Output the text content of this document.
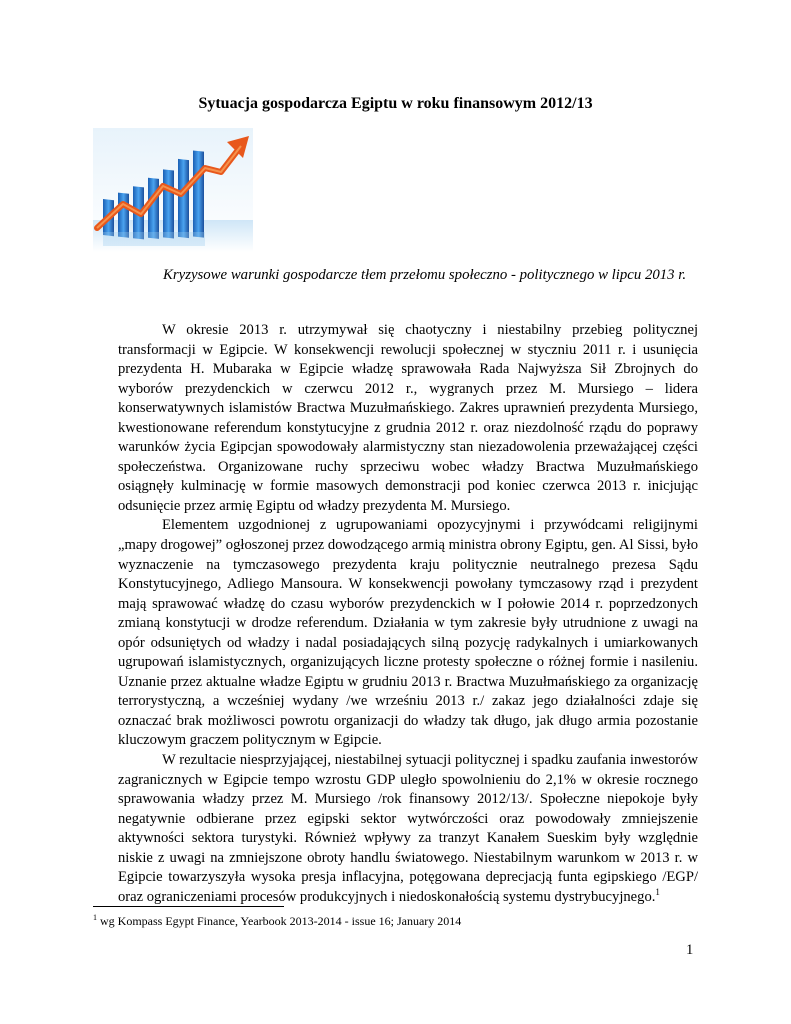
Sytuacja gospodarcza Egiptu w roku finansowym 2012/13
Kryzysowe warunki gospodarcze tłem przełomu społeczno - politycznego w lipcu 2013 r.

W okresie 2013 r. utrzymywał się chaotyczny i niestabilny przebieg politycznej transformacji w Egipcie. W konsekwencji rewolucji społecznej w styczniu 2011 r. i usunięcia prezydenta H. Mubaraka w Egipcie władzę sprawowała Rada Najwyższa Sił Zbrojnych do wyborów prezydenckich w czerwcu 2012 r., wygranych przez M. Mursiego – lidera konserwatywnych islamistów Bractwa Muzułmańskiego. Zakres uprawnień prezydenta Mursiego, kwestionowane referendum konstytucyjne z grudnia 2012 r. oraz niezdolność rządu do poprawy warunków życia Egipcjan spowodowały alarmistyczny stan niezadowolenia przeważającej części społeczeństwa. Organizowane ruchy sprzeciwu wobec władzy Bractwa Muzułmańskiego osiągnęły kulminację w formie masowych demonstracji pod koniec czerwca 2013 r. inicjując odsunięcie przez armię Egiptu od władzy prezydenta M. Mursiego.

Elementem uzgodnionej z ugrupowaniami opozycyjnymi i przywódcami religijnymi „mapy drogowej” ogłoszonej przez dowodzącego armią ministra obrony Egiptu, gen. Al Sissi, było wyznaczenie na tymczasowego prezydenta kraju politycznie neutralnego prezesa Sądu Konstytucyjnego, Adliego Mansoura. W konsekwencji powołany tymczasowy rząd i prezydent mają sprawować władzę do czasu wyborów prezydenckich w I połowie 2014 r. poprzedzonych zmianą konstytucji w drodze referendum. Działania w tym zakresie były utrudnione z uwagi na opór odsuniętych od władzy i nadal posiadających silną pozycję radykalnych i umiarkowanych ugrupowań islamistycznych, organizujących liczne protesty społeczne o różnej formie i nasileniu. Uznanie przez aktualne władze Egiptu w grudniu 2013 r. Bractwa Muzułmańskiego za organizację terrorystyczną, a wcześniej wydany /we wrześniu 2013 r./ zakaz jego działalności zdaje się oznaczać brak możliwosci powrotu organizacji do władzy tak długo, jak długo armia pozostanie kluczowym graczem politycznym w Egipcie.

W rezultacie niesprzyjającej, niestabilnej sytuacji politycznej i spadku zaufania inwestorów zagranicznych w Egipcie tempo wzrostu GDP uległo spowolnieniu do 2,1% w okresie rocznego sprawowania władzy przez M. Mursiego /rok finansowy 2012/13/. Społeczne niepokoje były negatywnie odbierane przez egipski sektor wytwórczości oraz powodowały zmniejszenie aktywności sektora turystyki. Również wpływy za tranzyt Kanałem Sueskim były względnie niskie z uwagi na zmniejszone obroty handlu światowego. Niestabilnym warunkom w 2013 r. w Egipcie towarzyszyła wysoka presja inflacyjna, potęgowana deprecjacją funta egipskiego /EGP/ oraz ograniczeniami procesów produkcyjnych i niedoskonałością systemu dystrybucyjnego.$^1$

$^1$ wg Kompass Egypt Finance, Yearbook 2013-2014 - issue 16; January 2014
1
